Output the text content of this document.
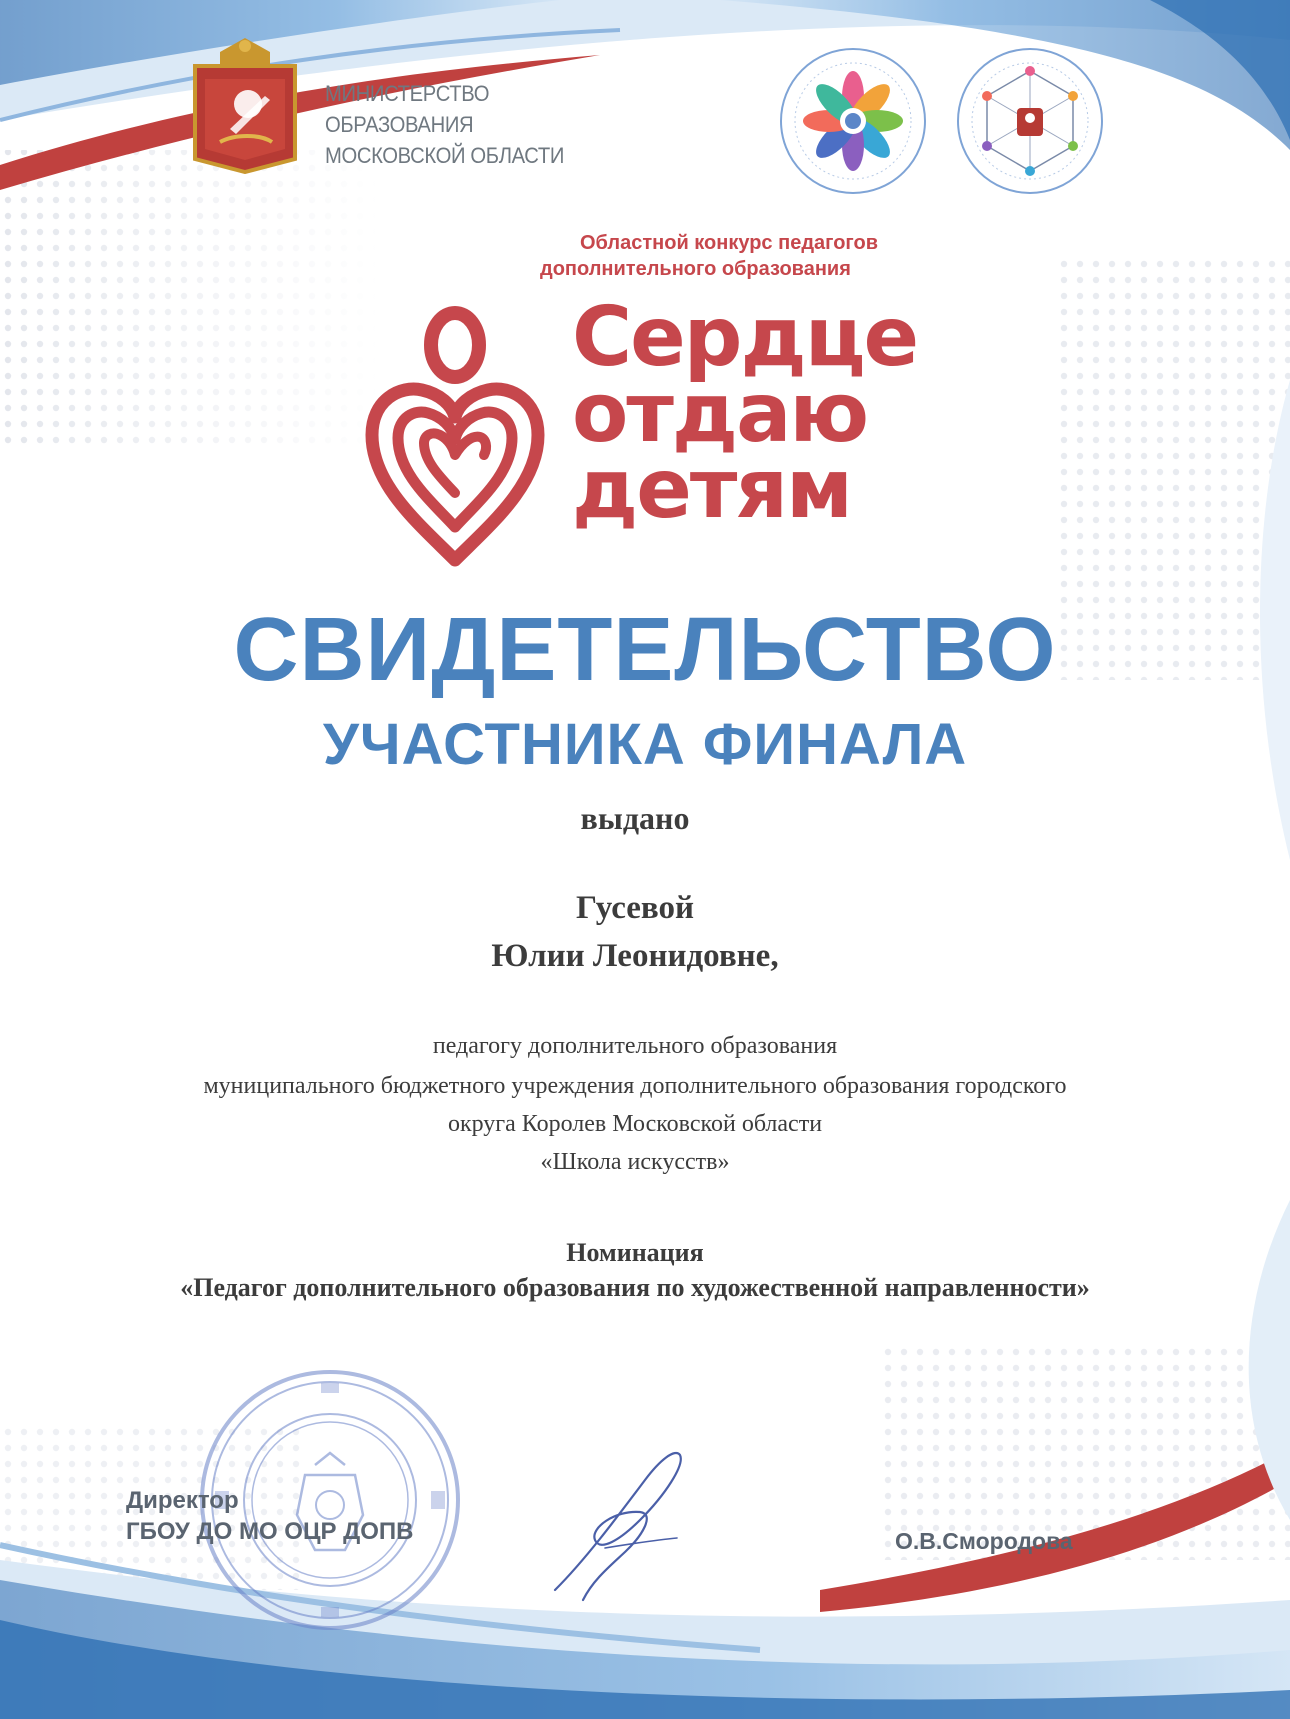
МИНИСТЕРСТВО ОБРАЗОВАНИЯ
МОСКОВСКОЙ ОБЛАСТИ
Областной конкурс педагогов
дополнительного образования
Сердце
отдаю
детям
СВИДЕТЕЛЬСТВО
УЧАСТНИКА ФИНАЛА
выдано
Гусевой
Юлии Леонидовне,
педагогу дополнительного образования
муниципального бюджетного учреждения дополнительного образования городского
округа Королев Московской области
«Школа искусств»
Номинация
«Педагог дополнительного образования по художественной направленности»
Директор
ГБОУ ДО МО ОЦР ДОПВ	О.В.Смородова
